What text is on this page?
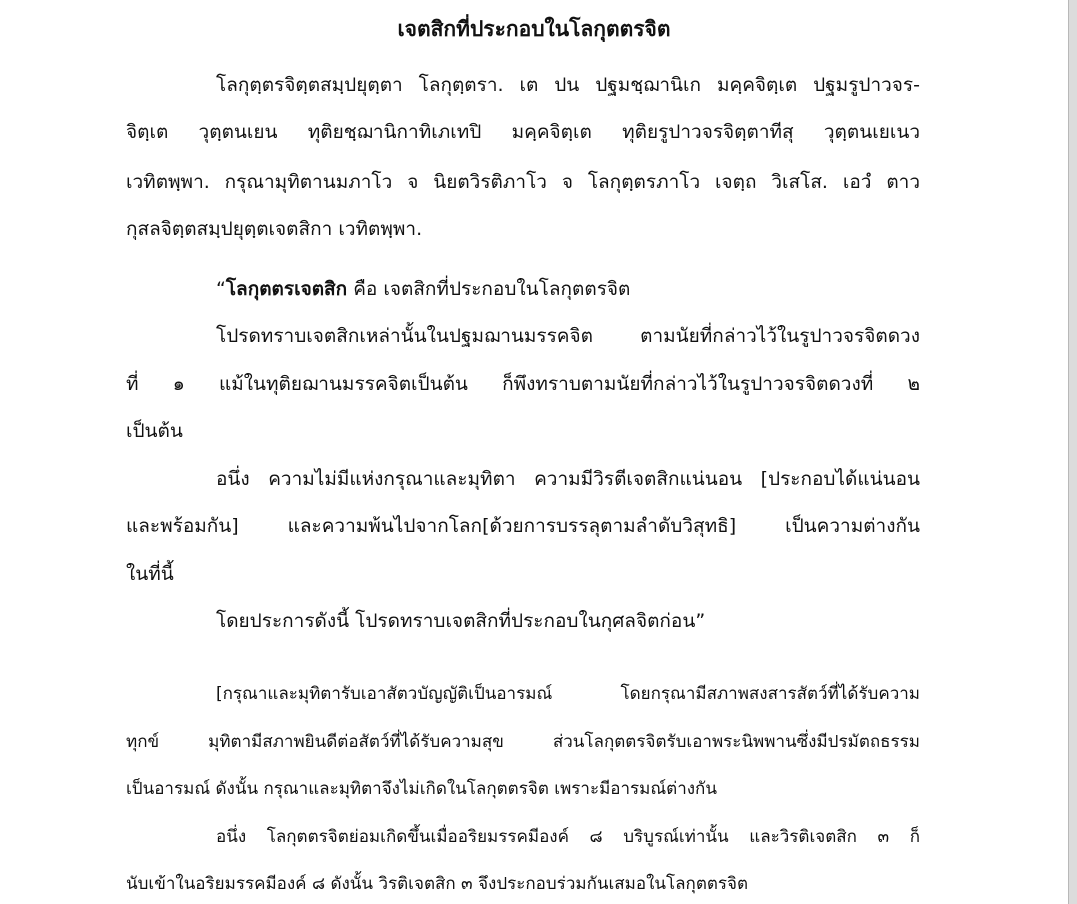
เจตสิกที่ประกอบในโลกุตตรจิต

โลกุตฺตรจิตฺตสมฺปยุตฺตา โลกุตฺตรา. เต ปน ปฐมชฺฌานิเก มคฺคจิตฺเต ปฐมรูปาวจร-

จิตฺเต วุตฺตนเยน ทุติยชฺฌานิกาทิเภเทปิ มคฺคจิตฺเต ทุติยรูปาวจรจิตฺตาทีสุ วุตฺตนเยเนว

เวทิตพฺพา. กรุณามุทิตานมภาโว จ นิยตวิรติภาโว จ โลกุตฺตรภาโว เจตฺถ วิเสโส. เอวํ ตาว

กุสลจิตฺตสมฺปยุตฺตเจตสิกา เวทิตพฺพา.

“โลกุตตรเจตสิก คือ เจตสิกที่ประกอบในโลกุตตรจิต

โปรดทราบเจตสิกเหล่านั้นในปฐมฌานมรรคจิต ตามนัยที่กล่าวไว้ในรูปาวจรจิตดวง

ที่ ๑ แม้ในทุติยฌานมรรคจิตเป็นต้น ก็พึงทราบตามนัยที่กล่าวไว้ในรูปาวจรจิตดวงที่ ๒

เป็นต้น

อนึ่ง ความไม่มีแห่งกรุณาและมุทิตา ความมีวิรตีเจตสิกแน่นอน [ประกอบได้แน่นอน

และพร้อมกัน] และความพ้นไปจากโลก[ด้วยการบรรลุตามลำดับวิสุทธิ] เป็นความต่างกัน

ในที่นี้

โดยประการดังนี้ โปรดทราบเจตสิกที่ประกอบในกุศลจิตก่อน”

[กรุณาและมุทิตารับเอาสัตวบัญญัติเป็นอารมณ์ โดยกรุณามีสภาพสงสารสัตว์ที่ได้รับความ

ทุกข์ มุทิตามีสภาพยินดีต่อสัตว์ที่ได้รับความสุข ส่วนโลกุตตรจิตรับเอาพระนิพพานซึ่งมีปรมัตถธรรม

เป็นอารมณ์ ดังนั้น กรุณาและมุทิตาจึงไม่เกิดในโลกุตตรจิต เพราะมีอารมณ์ต่างกัน

อนึ่ง โลกุตตรจิตย่อมเกิดขึ้นเมื่ออริยมรรคมีองค์ ๘ บริบูรณ์เท่านั้น และวิรติเจตสิก ๓ ก็

นับเข้าในอริยมรรคมีองค์ ๘ ดังนั้น วิรติเจตสิก ๓ จึงประกอบร่วมกันเสมอในโลกุตตรจิต
